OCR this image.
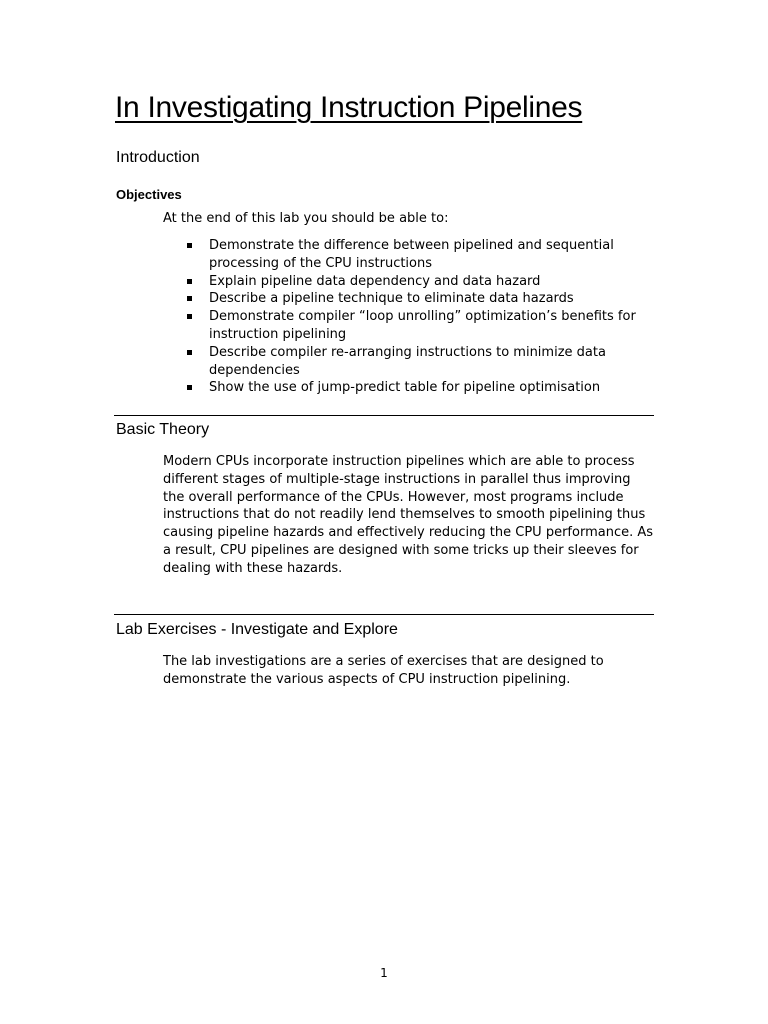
In Investigating Instruction Pipelines
Introduction
Objectives

At the end of this lab you should be able to:

Demonstrate the difference between pipelined and sequential processing of the CPU instructions
Explain pipeline data dependency and data hazard
Describe a pipeline technique to eliminate data hazards
Demonstrate compiler “loop unrolling” optimization’s benefits for instruction pipelining
Describe compiler re-arranging instructions to minimize data dependencies
Show the use of jump-predict table for pipeline optimisation
Basic Theory

Modern CPUs incorporate instruction pipelines which are able to process different stages of multiple-stage instructions in parallel thus improving the overall performance of the CPUs. However, most programs include instructions that do not readily lend themselves to smooth pipelining thus causing pipeline hazards and effectively reducing the CPU performance. As a result, CPU pipelines are designed with some tricks up their sleeves for dealing with these hazards.

Lab Exercises - Investigate and Explore

The lab investigations are a series of exercises that are designed to demonstrate the various aspects of CPU instruction pipelining.

1
